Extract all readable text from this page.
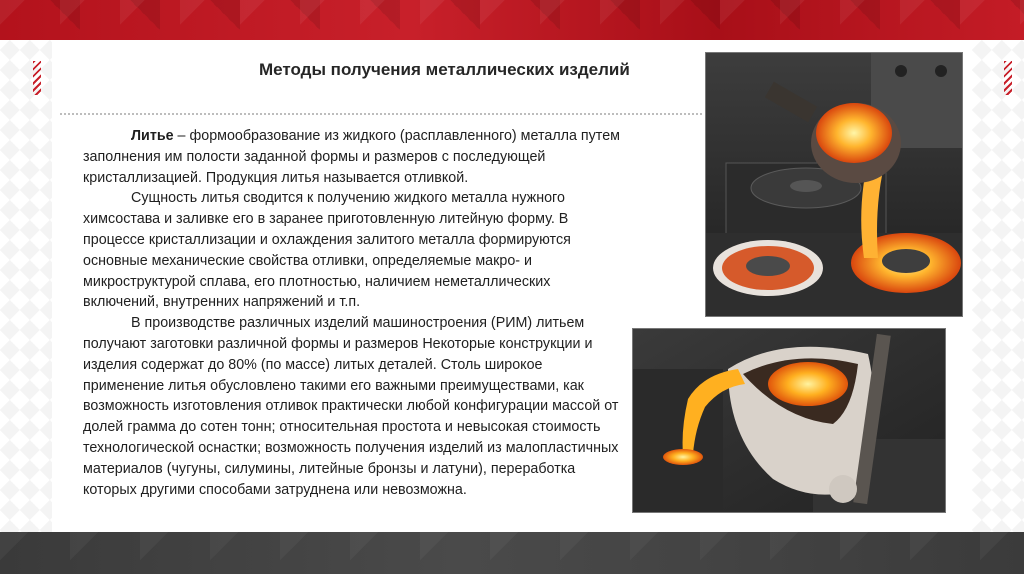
Методы получения металлических изделий

Литье – формообразование из жидкого (расплавленного) металла путем заполнения им полости заданной формы и размеров с последующей кристаллизацией. Продукция литья называется отливкой.

Сущность литья сводится к получению жидкого металла нужного химсостава и заливке его в заранее приготовленную литейную форму. В процессе кристаллизации и охлаждения залитого металла формируются основные механические свойства отливки, определяемые макро- и микроструктурой сплава, его плотностью, наличием неметаллических включений, внутренних напряжений и т.п.

В производстве различных изделий машиностроения (РИМ) литьем получают заготовки различной формы и размеров Некоторые конструкции и изделия содержат до 80% (по массе) литых деталей. Столь широкое применение литья обусловлено такими его важными преимуществами, как возможность изготовления отливок практически любой конфигурации массой от долей грамма до сотен тонн; относительная простота и невысокая стоимость технологической оснастки; возможность получения изделий из малопластичных материалов (чугуны, силумины, литейные бронзы и латуни), переработка которых другими способами затруднена или невозможна.
